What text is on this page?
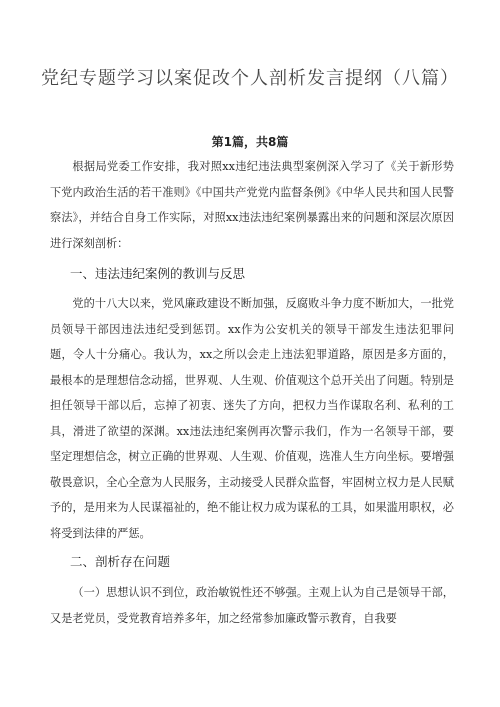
党纪专题学习以案促改个人剖析发言提纲（八篇）
第1篇，共8篇
根据局党委工作安排，我对照xx违纪违法典型案例深入学习了《关于新形势下党内政治生活的若干准则》《中国共产党党内监督条例》《中华人民共和国人民警察法》，并结合自身工作实际，对照xx违法违纪案例暴露出来的问题和深层次原因进行深刻剖析：
一、违法违纪案例的教训与反思
党的十八大以来，党风廉政建设不断加强，反腐败斗争力度不断加大，一批党员领导干部因违法违纪受到惩罚。xx作为公安机关的领导干部发生违法犯罪问题，令人十分痛心。我认为，xx之所以会走上违法犯罪道路，原因是多方面的，最根本的是理想信念动摇，世界观、人生观、价值观这个总开关出了问题。特别是担任领导干部以后，忘掉了初衷、迷失了方向，把权力当作谋取名利、私利的工具，滑进了欲望的深渊。xx违法违纪案例再次警示我们，作为一名领导干部，要坚定理想信念，树立正确的世界观、人生观、价值观，选准人生方向坐标。要增强敬畏意识，全心全意为人民服务，主动接受人民群众监督，牢固树立权力是人民赋予的，是用来为人民谋福祉的，绝不能让权力成为谋私的工具，如果滥用职权，必将受到法律的严惩。
二、剖析存在问题
（一）思想认识不到位，政治敏锐性还不够强。主观上认为自己是领导干部，又是老党员，受党教育培养多年，加之经常参加廉政警示教育，自我要
